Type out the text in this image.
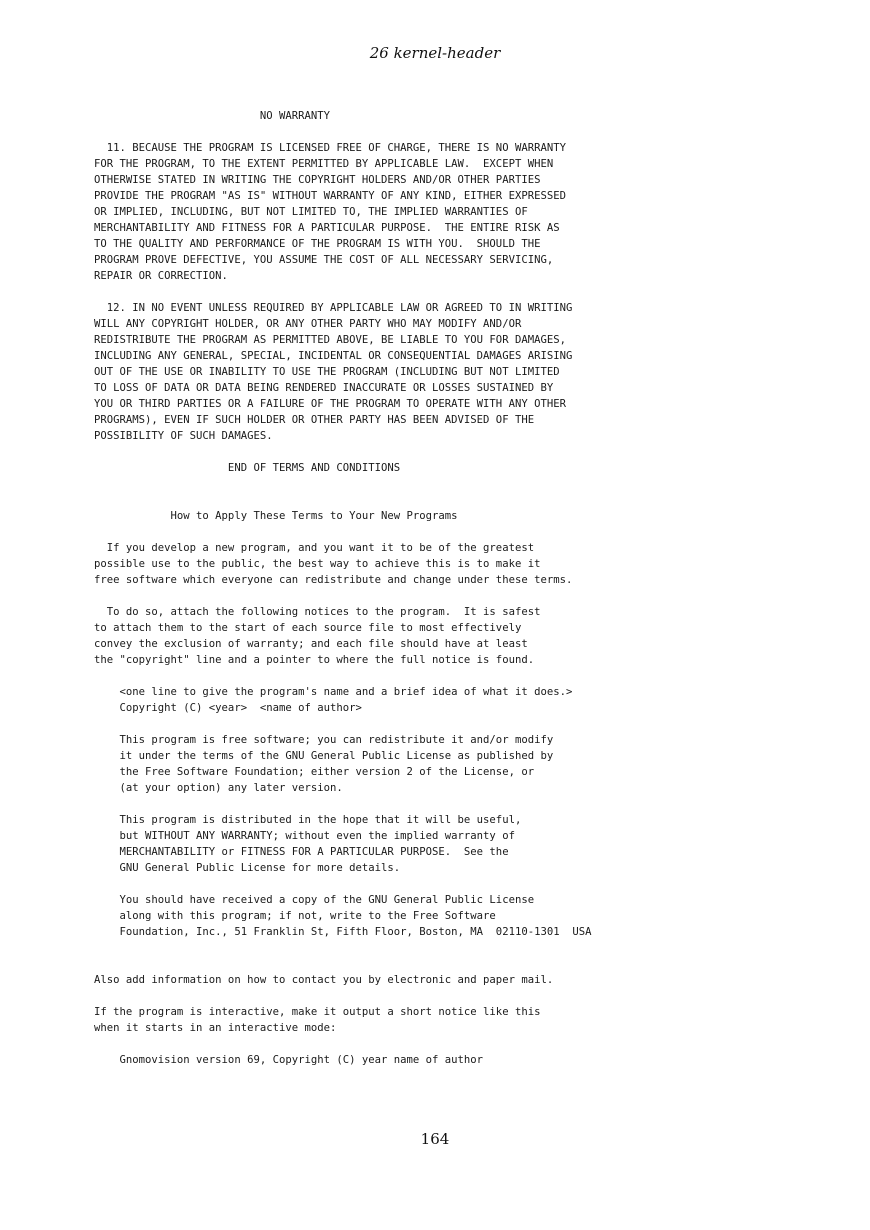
26 kernel-header
NO WARRANTY

11. BECAUSE THE PROGRAM IS LICENSED FREE OF CHARGE, THERE IS NO WARRANTY
FOR THE PROGRAM, TO THE EXTENT PERMITTED BY APPLICABLE LAW.  EXCEPT WHEN
OTHERWISE STATED IN WRITING THE COPYRIGHT HOLDERS AND/OR OTHER PARTIES
PROVIDE THE PROGRAM "AS IS" WITHOUT WARRANTY OF ANY KIND, EITHER EXPRESSED
OR IMPLIED, INCLUDING, BUT NOT LIMITED TO, THE IMPLIED WARRANTIES OF
MERCHANTABILITY AND FITNESS FOR A PARTICULAR PURPOSE.  THE ENTIRE RISK AS
TO THE QUALITY AND PERFORMANCE OF THE PROGRAM IS WITH YOU.  SHOULD THE
PROGRAM PROVE DEFECTIVE, YOU ASSUME THE COST OF ALL NECESSARY SERVICING,
REPAIR OR CORRECTION.

12. IN NO EVENT UNLESS REQUIRED BY APPLICABLE LAW OR AGREED TO IN WRITING
WILL ANY COPYRIGHT HOLDER, OR ANY OTHER PARTY WHO MAY MODIFY AND/OR
REDISTRIBUTE THE PROGRAM AS PERMITTED ABOVE, BE LIABLE TO YOU FOR DAMAGES,
INCLUDING ANY GENERAL, SPECIAL, INCIDENTAL OR CONSEQUENTIAL DAMAGES ARISING
OUT OF THE USE OR INABILITY TO USE THE PROGRAM (INCLUDING BUT NOT LIMITED
TO LOSS OF DATA OR DATA BEING RENDERED INACCURATE OR LOSSES SUSTAINED BY
YOU OR THIRD PARTIES OR A FAILURE OF THE PROGRAM TO OPERATE WITH ANY OTHER
PROGRAMS), EVEN IF SUCH HOLDER OR OTHER PARTY HAS BEEN ADVISED OF THE
POSSIBILITY OF SUCH DAMAGES.

END OF TERMS AND CONDITIONS

How to Apply These Terms to Your New Programs

If you develop a new program, and you want it to be of the greatest
possible use to the public, the best way to achieve this is to make it
free software which everyone can redistribute and change under these terms.

To do so, attach the following notices to the program.  It is safest
to attach them to the start of each source file to most effectively
convey the exclusion of warranty; and each file should have at least
the "copyright" line and a pointer to where the full notice is found.

<one line to give the program's name and a brief idea of what it does.>
Copyright (C) <year>  <name of author>

This program is free software; you can redistribute it and/or modify
it under the terms of the GNU General Public License as published by
the Free Software Foundation; either version 2 of the License, or
(at your option) any later version.

This program is distributed in the hope that it will be useful,
but WITHOUT ANY WARRANTY; without even the implied warranty of
MERCHANTABILITY or FITNESS FOR A PARTICULAR PURPOSE.  See the
GNU General Public License for more details.

You should have received a copy of the GNU General Public License
along with this program; if not, write to the Free Software
Foundation, Inc., 51 Franklin St, Fifth Floor, Boston, MA  02110-1301  USA

Also add information on how to contact you by electronic and paper mail.

If the program is interactive, make it output a short notice like this
when it starts in an interactive mode:

Gnomovision version 69, Copyright (C) year name of author
164
